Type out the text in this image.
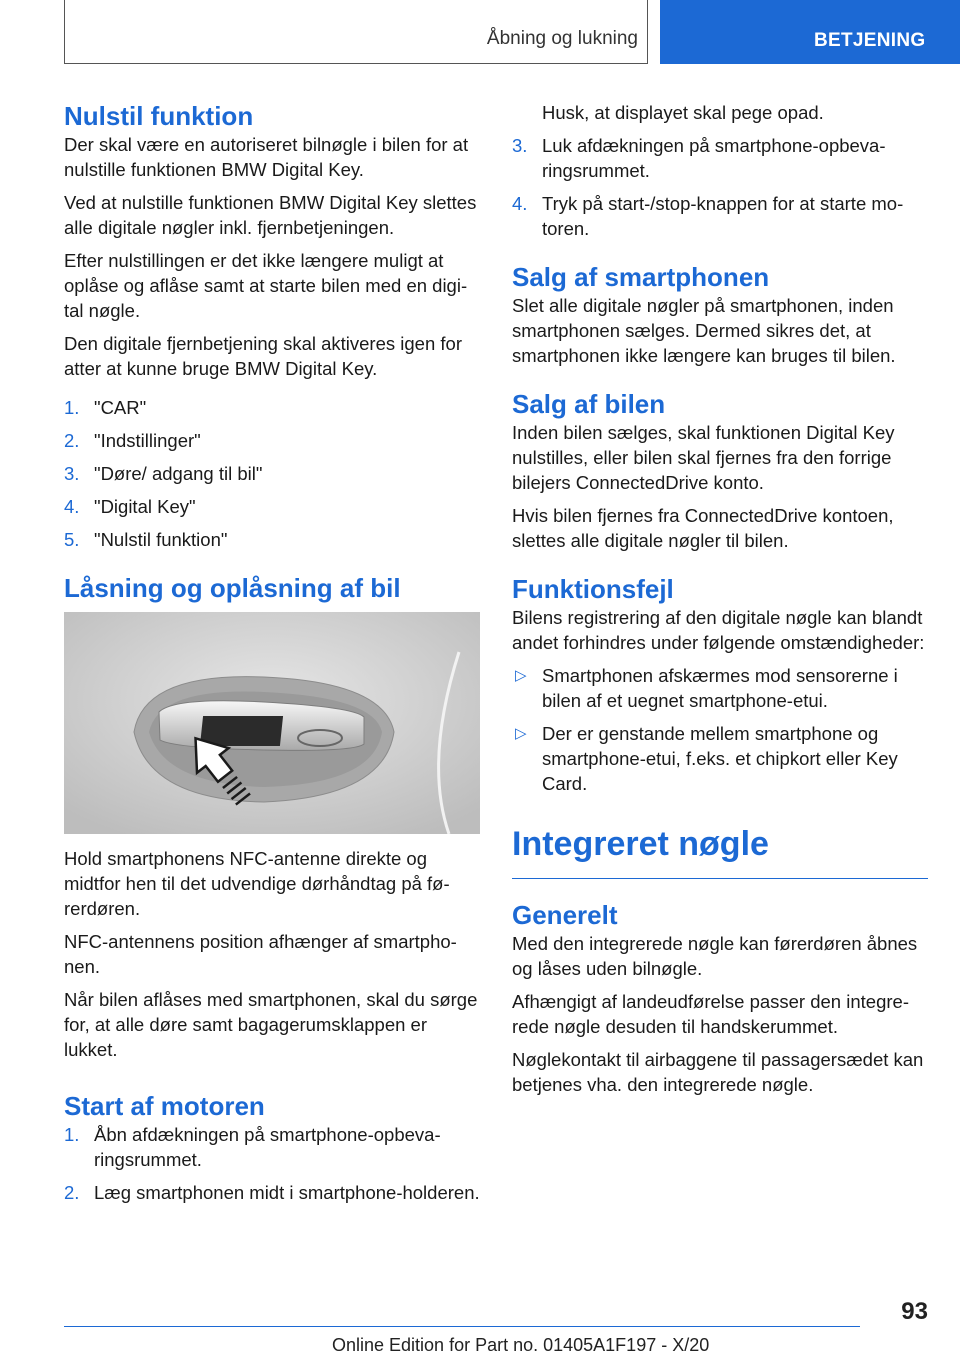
Åbning og lukning	BETJENING
Nulstil funktion

Der skal være en autoriseret bilnøgle i bilen for at nulstille funktionen BMW Digital Key.

Ved at nulstille funktionen BMW Digital Key slettes alle digitale nøgler inkl. fjernbetjeningen.

Efter nulstillingen er det ikke længere muligt at oplåse og aflåse samt at starte bilen med en digital nøgle.

Den digitale fjernbetjening skal aktiveres igen for atter at kunne bruge BMW Digital Key.

1. "CAR"
2. "Indstillinger"
3. "Døre/ adgang til bil"
4. "Digital Key"
5. "Nulstil funktion"
Låsning og oplåsning af bil

Hold smartphonens NFC-antenne direkte og midtfor hen til det udvendige dørhåndtag på førerdøren.

NFC-antennens position afhænger af smartphonen.

Når bilen aflåses med smartphonen, skal du sørge for, at alle døre samt bagagerumsklappen er lukket.

Start af motoren
1. Åbn afdækningen på smartphone-opbevaringsrummet.
2. Læg smartphonen midt i smartphone-holderen.

Husk, at displayet skal pege opad.

3. Luk afdækningen på smartphone-opbevaringsrummet.
4. Tryk på start-/stop-knappen for at starte motoren.
Salg af smartphonen

Slet alle digitale nøgler på smartphonen, inden smartphonen sælges. Dermed sikres det, at smartphonen ikke længere kan bruges til bilen.

Salg af bilen

Inden bilen sælges, skal funktionen Digital Key nulstilles, eller bilen skal fjernes fra den forrige bilejers ConnectedDrive konto.

Hvis bilen fjernes fra ConnectedDrive kontoen, slettes alle digitale nøgler til bilen.

Funktionsfejl

Bilens registrering af den digitale nøgle kan blandt andet forhindres under følgende omstændigheder:

▷ Smartphonen afskærmes mod sensorerne i bilen af et uegnet smartphone-etui.
▷ Der er genstande mellem smartphone og smartphone-etui, f.eks. et chipkort eller Key Card.
Integreret nøgle
Generelt

Med den integrerede nøgle kan førerdøren åbnes og låses uden bilnøgle.

Afhængigt af landeudførelse passer den integrerede nøgle desuden til handskerummet.

Nøglekontakt til airbaggene til passagersædet kan betjenes vha. den integrerede nøgle.

93
Online Edition for Part no. 01405A1F197 - X/20
